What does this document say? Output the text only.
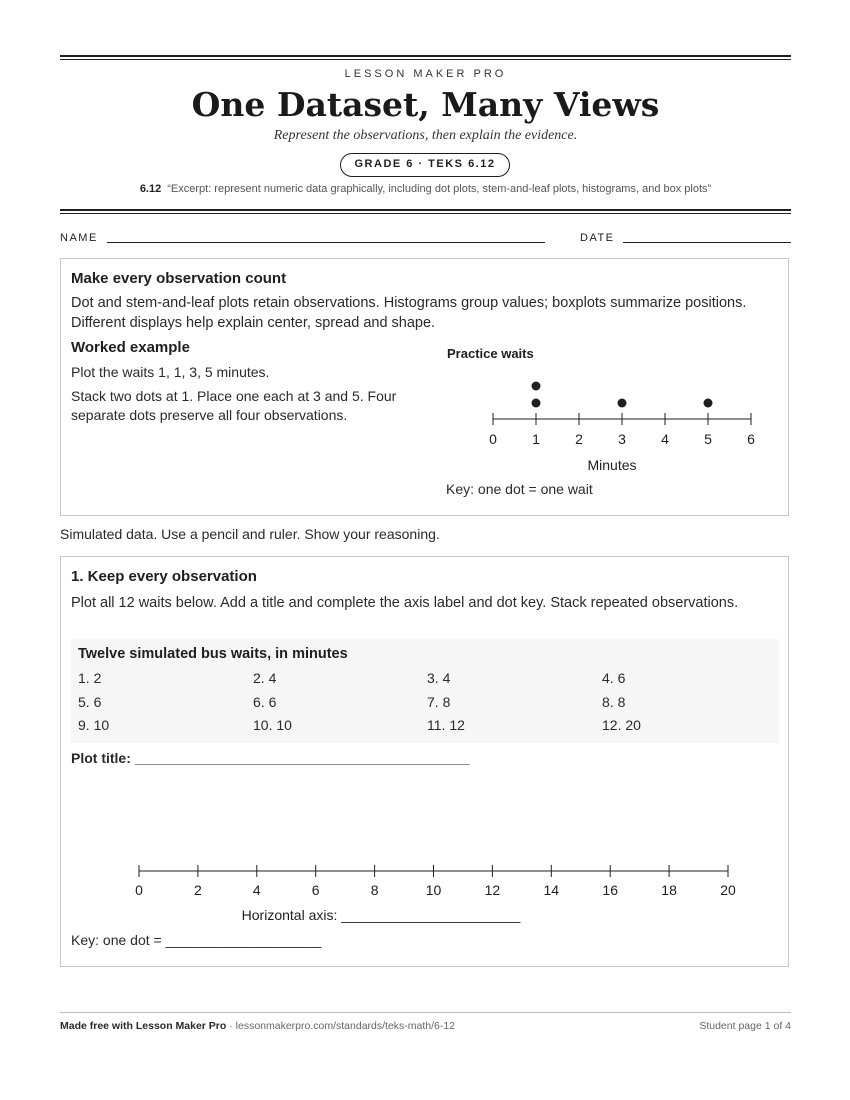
LESSON MAKER PRO
One Dataset, Many Views
Represent the observations, then explain the evidence.
GRADE 6 · TEKS 6.12
6.12 “Excerpt: represent numeric data graphically, including dot plots, stem-and-leaf plots, histograms, and box plots”
NAME	DATE
Make every observation count
Dot and stem-and-leaf plots retain observations. Histograms group values; boxplots summarize positions. Different displays help explain center, spread and shape.
Worked example
Plot the waits 1, 1, 3, 5 minutes.
Stack two dots at 1. Place one each at 3 and 5. Four separate dots preserve all four observations.
Practice waits
0	1	2	3	4	5	6
Minutes
Key: one dot = one wait
Simulated data. Use a pencil and ruler. Show your reasoning.
1. Keep every observation
Plot all 12 waits below. Add a title and complete the axis label and dot key. Stack repeated observations.
Twelve simulated bus waits, in minutes
1. 2	2. 4	3. 4	4. 6
5. 6	6. 6	7. 8	8. 8
9. 10	10. 10	11. 12	12. 20
Plot title: ___________________________________________
0	2	4	6	8	10	12	14	16	18	20
Horizontal axis: _______________________
Key: one dot = ____________________
Made free with Lesson Maker Pro · lessonmakerpro.com/standards/teks-math/6-12	Student page 1 of 4
